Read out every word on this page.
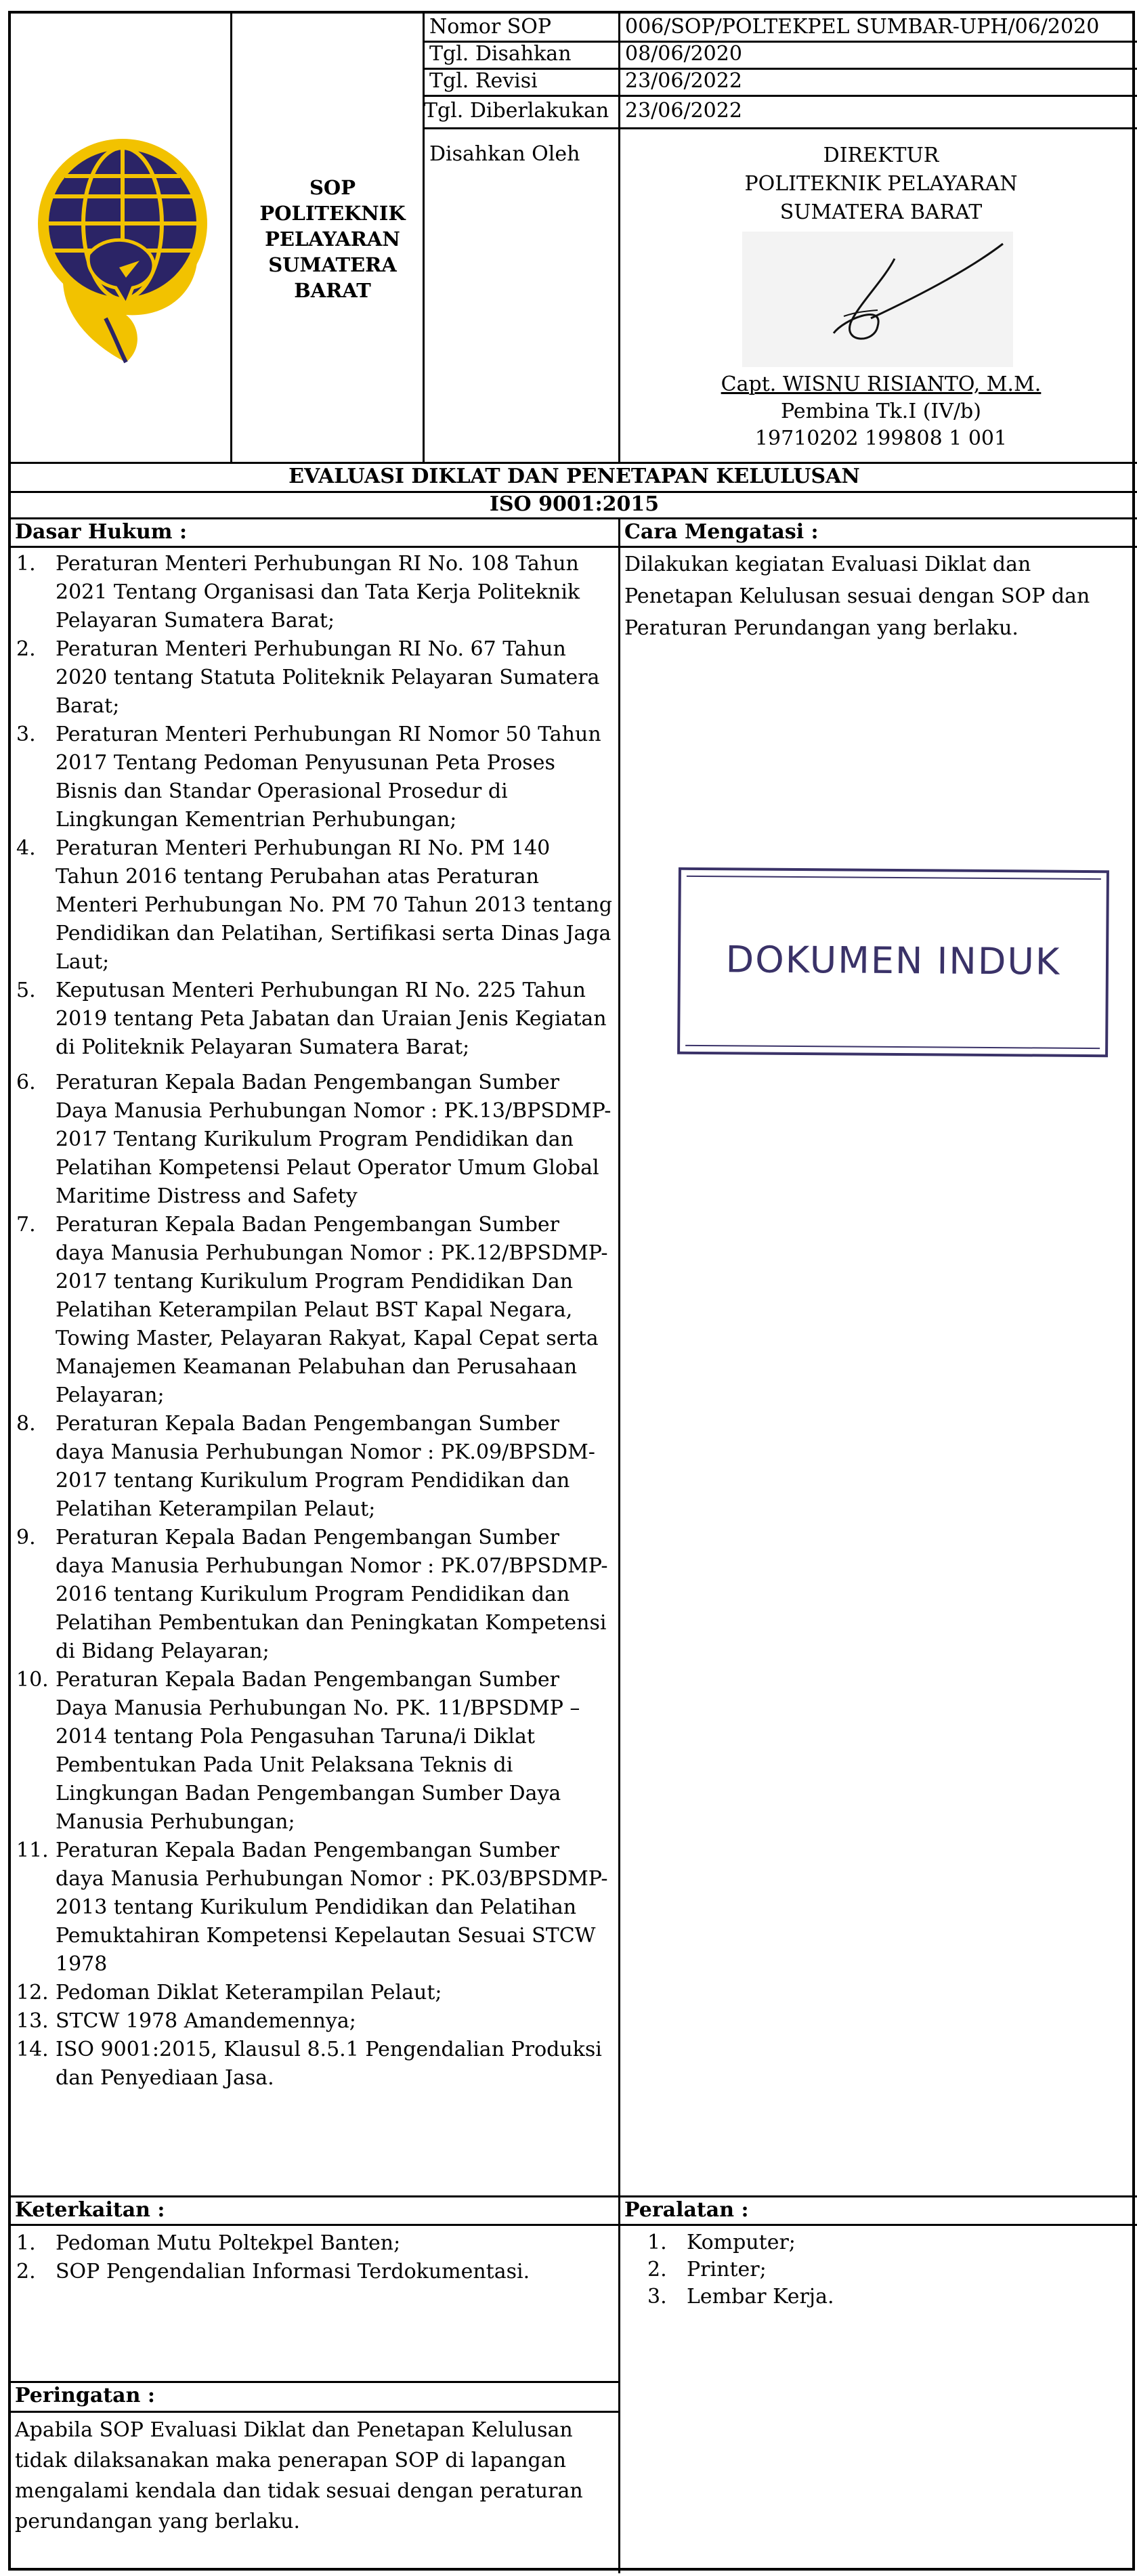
SOP POLITEKNIK PELAYARAN SUMATERA BARAT
Nomor SOP	006/SOP/POLTEKPEL SUMBAR-UPH/06/2020
Tgl. Disahkan	08/06/2020
Tgl. Revisi	23/06/2022
Tgl. Diberlakukan 23/06/2022
Disahkan Oleh	DIREKTUR
POLITEKNIK PELAYARAN
SUMATERA BARAT
Capt. WISNU RISIANTO, M.M.
Pembina Tk.I (IV/b)
19710202 199808 1 001
EVALUASI DIKLAT DAN PENETAPAN KELULUSAN
ISO 9001:2015
Dasar Hukum :
1. Peraturan Menteri Perhubungan RI No. 108 Tahun 2021 Tentang Organisasi dan Tata Kerja Politeknik Pelayaran Sumatera Barat;
2. Peraturan Menteri Perhubungan RI No. 67 Tahun 2020 tentang Statuta Politeknik Pelayaran Sumatera Barat;
3. Peraturan Menteri Perhubungan RI Nomor 50 Tahun 2017 Tentang Pedoman Penyusunan Peta Proses Bisnis dan Standar Operasional Prosedur di Lingkungan Kementrian Perhubungan;
4. Peraturan Menteri Perhubungan RI No. PM 140 Tahun 2016 tentang Perubahan atas Peraturan Menteri Perhubungan No. PM 70 Tahun 2013 tentang Pendidikan dan Pelatihan, Sertifikasi serta Dinas Jaga Laut;
5. Keputusan Menteri Perhubungan RI No. 225 Tahun 2019 tentang Peta Jabatan dan Uraian Jenis Kegiatan di Politeknik Pelayaran Sumatera Barat;
6. Peraturan Kepala Badan Pengembangan Sumber Daya Manusia Perhubungan Nomor : PK.13/BPSDMP-2017 Tentang Kurikulum Program Pendidikan dan Pelatihan Kompetensi Pelaut Operator Umum Global Maritime Distress and Safety
7. Peraturan Kepala Badan Pengembangan Sumber daya Manusia Perhubungan Nomor : PK.12/BPSDMP-2017 tentang Kurikulum Program Pendidikan Dan Pelatihan Keterampilan Pelaut BST Kapal Negara, Towing Master, Pelayaran Rakyat, Kapal Cepat serta Manajemen Keamanan Pelabuhan dan Perusahaan Pelayaran;
8. Peraturan Kepala Badan Pengembangan Sumber daya Manusia Perhubungan Nomor : PK.09/BPSDM-2017 tentang Kurikulum Program Pendidikan dan Pelatihan Keterampilan Pelaut;
9. Peraturan Kepala Badan Pengembangan Sumber daya Manusia Perhubungan Nomor : PK.07/BPSDMP-2016 tentang Kurikulum Program Pendidikan dan Pelatihan Pembentukan dan Peningkatan Kompetensi di Bidang Pelayaran;
10. Peraturan Kepala Badan Pengembangan Sumber Daya Manusia Perhubungan No. PK. 11/BPSDMP – 2014 tentang Pola Pengasuhan Taruna/i Diklat Pembentukan Pada Unit Pelaksana Teknis di Lingkungan Badan Pengembangan Sumber Daya Manusia Perhubungan;
11. Peraturan Kepala Badan Pengembangan Sumber daya Manusia Perhubungan Nomor : PK.03/BPSDMP-2013 tentang Kurikulum Pendidikan dan Pelatihan Pemuktahiran Kompetensi Kepelautan Sesuai STCW 1978
12. Pedoman Diklat Keterampilan Pelaut;
13. STCW 1978 Amandemennya;
14. ISO 9001:2015, Klausul 8.5.1 Pengendalian Produksi dan Penyediaan Jasa.
Cara Mengatasi :
Dilakukan kegiatan Evaluasi Diklat dan Penetapan Kelulusan sesuai dengan SOP dan Peraturan Perundangan yang berlaku.
DOKUMEN INDUK
Keterkaitan :
1. Pedoman Mutu Poltekpel Banten;
2. SOP Pengendalian Informasi Terdokumentasi.
Peralatan :
1. Komputer;
2. Printer;
3. Lembar Kerja.
Peringatan :
Apabila SOP Evaluasi Diklat dan Penetapan Kelulusan tidak dilaksanakan maka penerapan SOP di lapangan mengalami kendala dan tidak sesuai dengan peraturan perundangan yang berlaku.
